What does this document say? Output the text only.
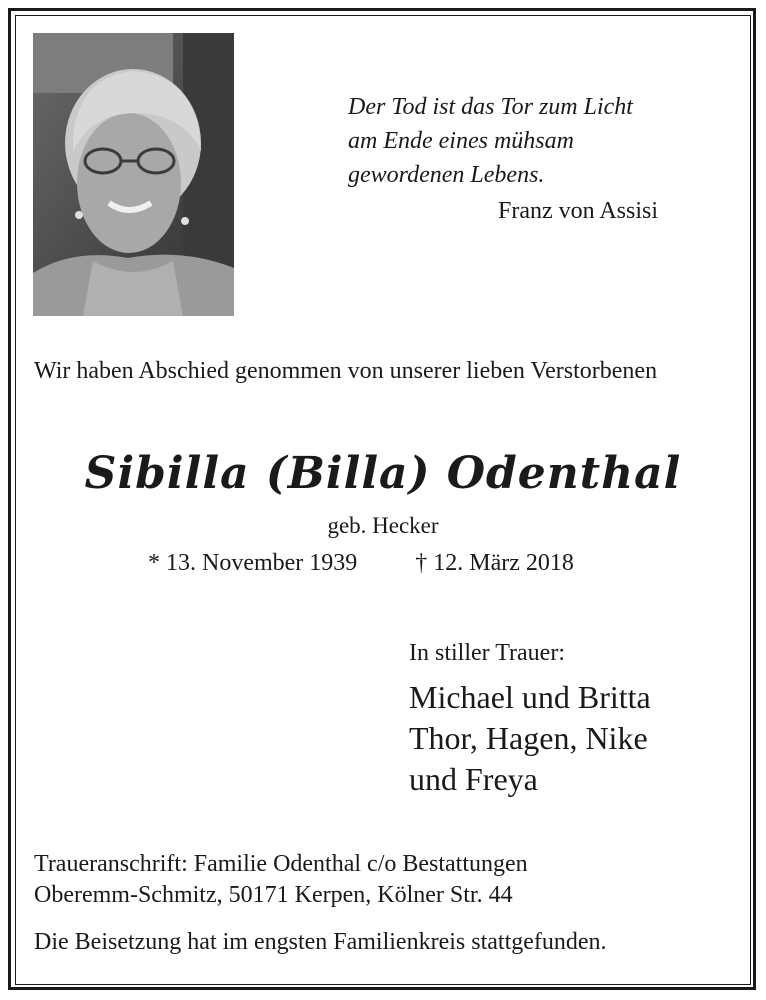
Der Tod ist das Tor zum Licht
am Ende eines mühsam
gewordenen Lebens.
Franz von Assisi
Wir haben Abschied genommen von unserer lieben Verstorbenen
Sibilla (Billa) Odenthal
geb. Hecker
* 13. November 1939 † 12. März 2018
In stiller Trauer:
Michael und Britta
Thor, Hagen, Nike
und Freya
Traueranschrift: Familie Odenthal c/o Bestattungen
Oberemm-Schmitz, 50171 Kerpen, Kölner Str. 44
Die Beisetzung hat im engsten Familienkreis stattgefunden.
